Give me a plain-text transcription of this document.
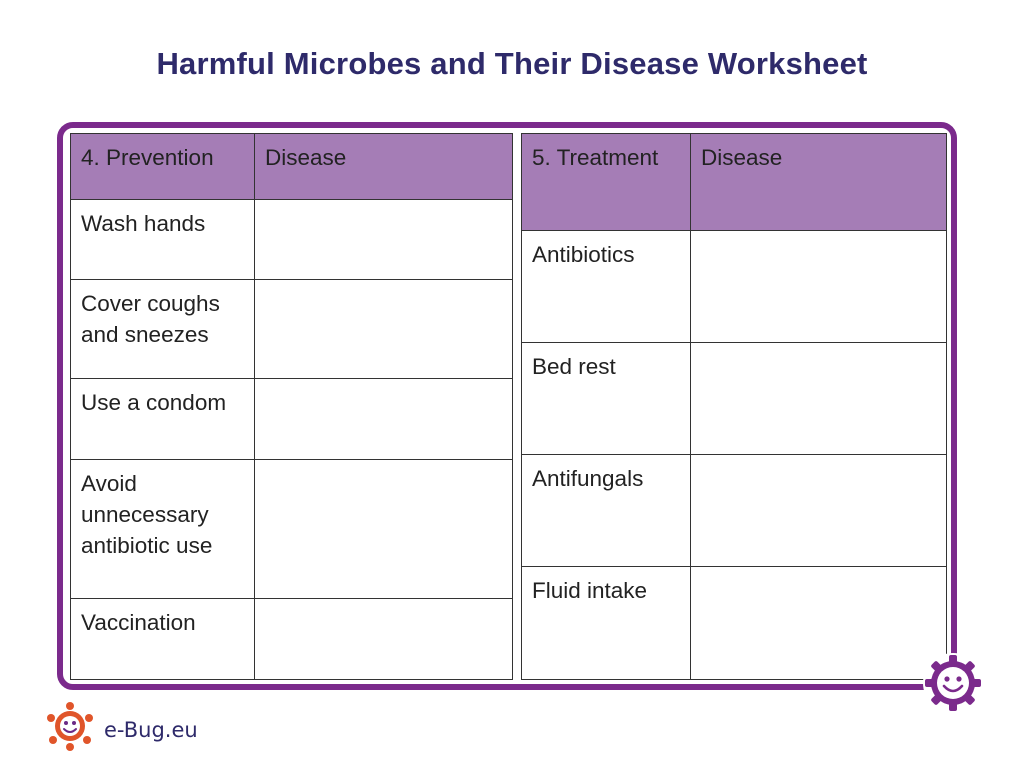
Harmful Microbes and Their Disease Worksheet
4. Prevention	Disease
Wash hands	
Cover coughs and sneezes	
Use a condom	
Avoid unnecessary antibiotic use	
Vaccination	
5. Treatment	Disease
Antibiotics	
Bed rest	
Antifungals	
Fluid intake	
e-Bug.eu
